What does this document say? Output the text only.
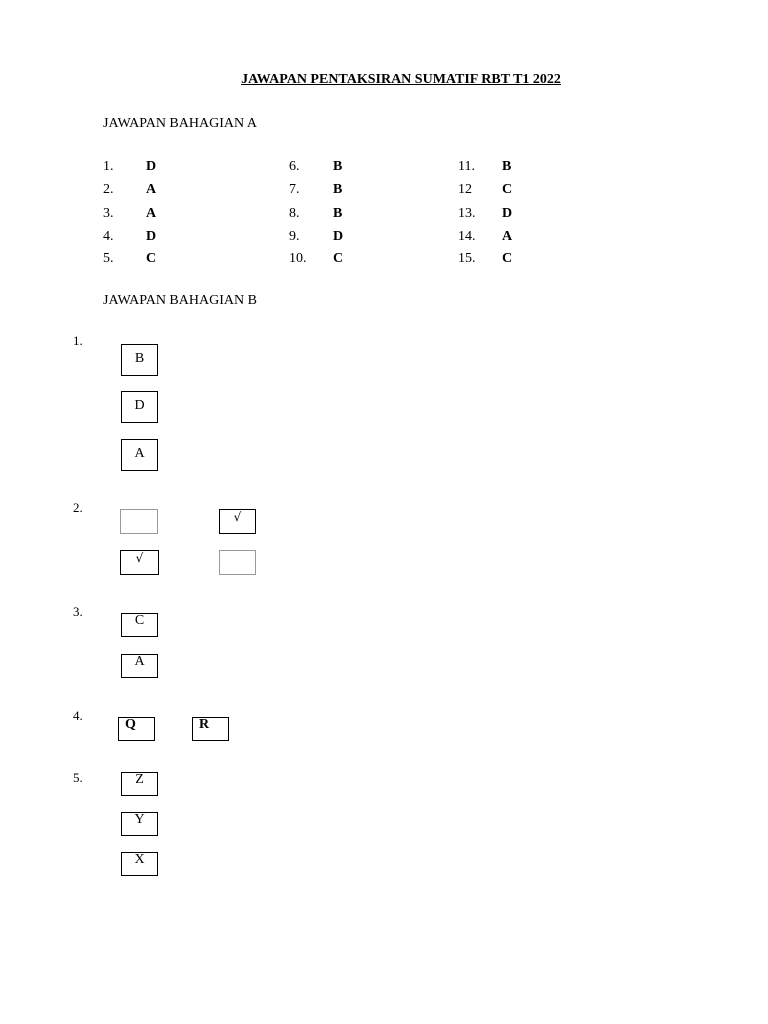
JAWAPAN PENTAKSIRAN SUMATIF RBT T1 2022
JAWAPAN BAHAGIAN A
1. D
2. A
3. A
4. D
5. C
6. B
7. B
8. B
9. D
10. C
11. B
12 C
13. D
14. A
15. C
JAWAPAN BAHAGIAN B
1.
B
D
A
2.
√
√
3.
C
A
4.
Q	R
5.	Z
Y
X
